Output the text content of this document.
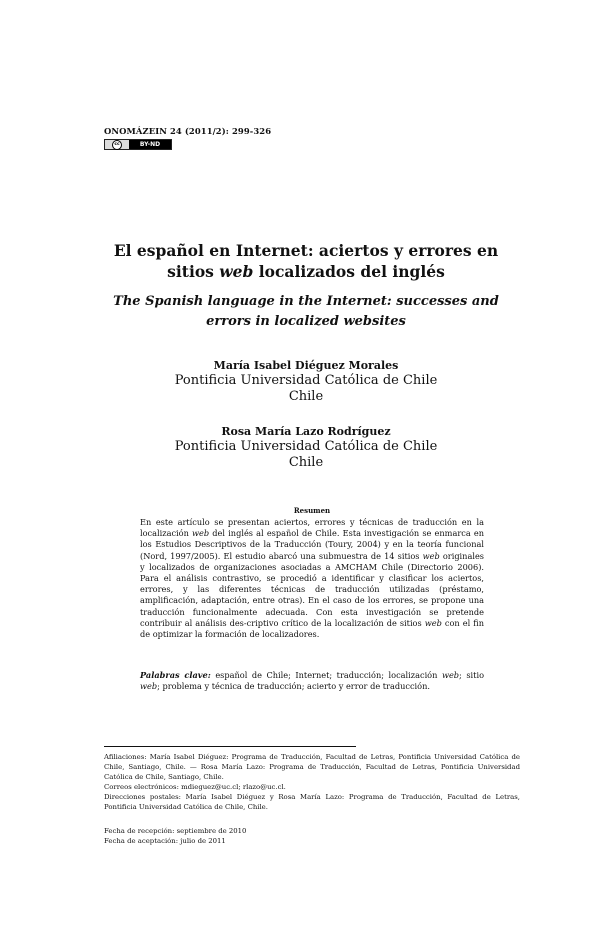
ONOMÁZEIN 24 (2011/2): 299-326
cc	BY-ND
El español en Internet: aciertos y errores en
sitios web localizados del inglés
The Spanish language in the Internet: successes and
errors in localized websites
María Isabel Diéguez Morales
Pontificia Universidad Católica de Chile
Chile
Rosa María Lazo Rodríguez
Pontificia Universidad Católica de Chile
Chile
Resumen
En este artículo se presentan aciertos, errores y técnicas de traducción en la localización web del inglés al español de Chile. Esta investigación se enmarca en los Estudios Descriptivos de la Traducción (Toury, 2004) y en la teoría funcional (Nord, 1997/2005). El estudio abarcó una submuestra de 14 sitios web originales y localizados de organizaciones asociadas a AMCHAM Chile (Directorio 2006). Para el análisis contrastivo, se procedió a identificar y clasificar los aciertos, errores, y las diferentes técnicas de traducción utilizadas (préstamo, amplificación, adaptación, entre otras). En el caso de los errores, se propone una traducción funcionalmente adecuada. Con esta investigación se pretende contribuir al análisis des-criptivo crítico de la localización de sitios web con el fin de optimizar la formación de localizadores.
Palabras clave: español de Chile; Internet; traducción; localización web; sitio web; problema y técnica de traducción; acierto y error de traducción.

Afiliaciones: María Isabel Diéguez: Programa de Traducción, Facultad de Letras, Pontificia Universidad Católica de Chile, Santiago, Chile. — Rosa María Lazo: Programa de Traducción, Facultad de Letras, Pontificia Universidad Católica de Chile, Santiago, Chile.

Correos electrónicos: mdieguez@uc.cl; rlazo@uc.cl.

Direcciones postales: María Isabel Diéguez y Rosa María Lazo: Programa de Traducción, Facultad de Letras, Pontificia Universidad Católica de Chile, Chile.

Fecha de recepción: septiembre de 2010

Fecha de aceptación: julio de 2011
